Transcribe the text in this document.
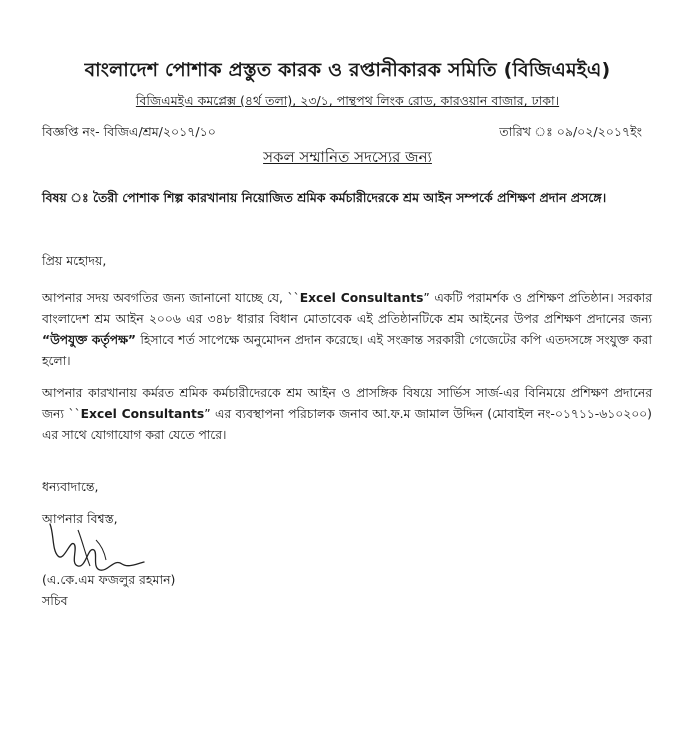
বাংলাদেশ পোশাক প্রস্তুত কারক ও রপ্তানীকারক সমিতি (বিজিএমইএ)
বিজিএমইএ কমপ্লেক্স (৪র্থ তলা), ২৩/১, পান্থপথ লিংক রোড, কারওয়ান বাজার, ঢাকা।
বিজ্ঞপ্তি নং- বিজিএ/শ্রম/২০১৭/১০	তারিখ ঃ ০৯/০২/২০১৭ইং
সকল সম্মানিত সদস্যের জন্য
বিষয় ঃ তৈরী পোশাক শিল্প কারখানায় নিয়োজিত শ্রমিক কর্মচারীদেরকে শ্রম আইন সম্পর্কে প্রশিক্ষণ প্রদান প্রসঙ্গে।
প্রিয় মহোদয়,
আপনার সদয় অবগতির জন্য জানানো যাচ্ছে যে, ``Excel Consultants” একটি পরামর্শক ও প্রশিক্ষণ প্রতিষ্ঠান। সরকার বাংলাদেশ শ্রম আইন ২০০৬ এর ৩৪৮ ধারার বিধান মোতাবেক এই প্রতিষ্ঠানটিকে শ্রম আইনের উপর প্রশিক্ষণ প্রদানের জন্য “উপযুক্ত কর্তৃপক্ষ” হিসাবে শর্ত সাপেক্ষে অনুমোদন প্রদান করেছে। এই সংক্রান্ত সরকারী গেজেটের কপি এতদসঙ্গে সংযুক্ত করা হলো।
আপনার কারখানায় কর্মরত শ্রমিক কর্মচারীদেরকে শ্রম আইন ও প্রাসঙ্গিক বিষয়ে সার্ভিস সার্জ-এর বিনিময়ে প্রশিক্ষণ প্রদানের জন্য ``Excel Consultants” এর ব্যবস্থাপনা পরিচালক জনাব আ.ফ.ম জামাল উদ্দিন (মোবাইল নং-০১৭১১-৬১০২০০) এর সাথে যোগাযোগ করা যেতে পারে।
ধন্যবাদান্তে,
আপনার বিশ্বস্ত,
(এ.কে.এম ফজলুর রহমান)
সচিব
